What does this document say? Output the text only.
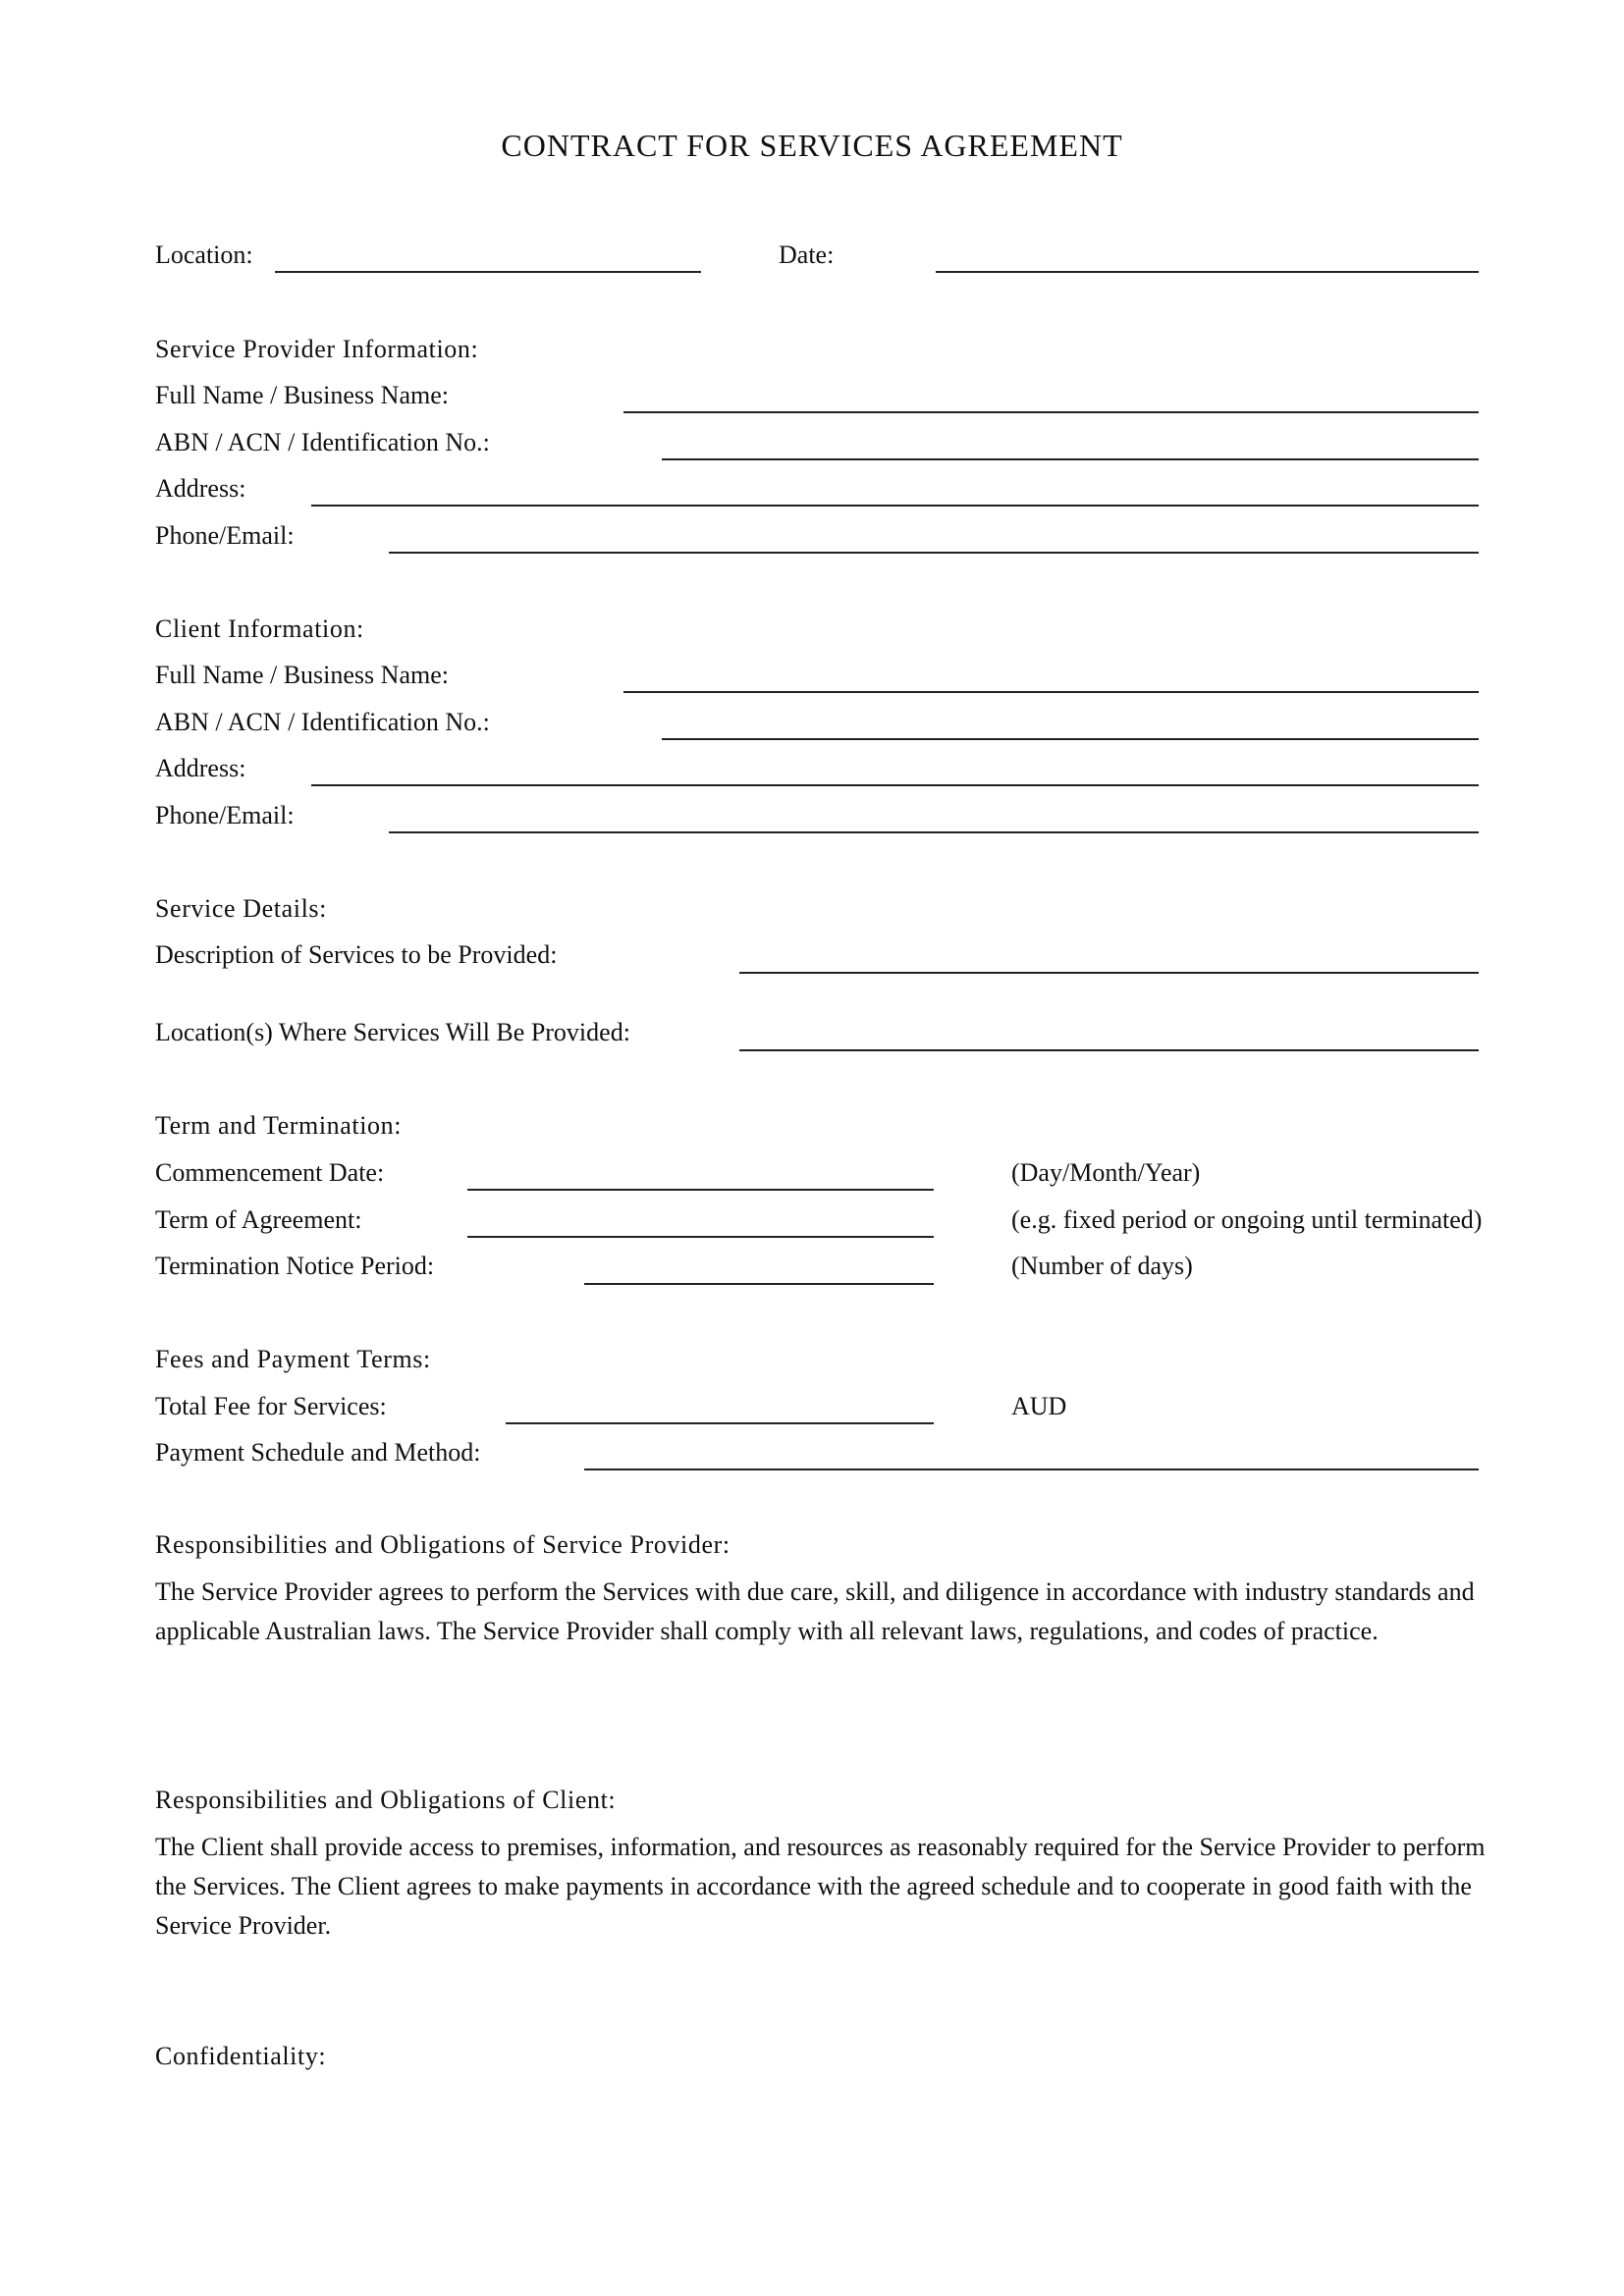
CONTRACT FOR SERVICES AGREEMENT
Location:	Date:
Service Provider Information:
Full Name / Business Name:
ABN / ACN / Identification No.:
Address:
Phone/Email:
Client Information:
Full Name / Business Name:
ABN / ACN / Identification No.:
Address:
Phone/Email:
Service Details:
Description of Services to be Provided:
Location(s) Where Services Will Be Provided:
Term and Termination:
Commencement Date:	(Day/Month/Year)
Term of Agreement:	(e.g. fixed period or ongoing until terminated)
Termination Notice Period:	(Number of days)
Fees and Payment Terms:
Total Fee for Services:	AUD
Payment Schedule and Method:
Responsibilities and Obligations of Service Provider:
The Service Provider agrees to perform the Services with due care, skill, and diligence in accordance with industry standards and applicable Australian laws. The Service Provider shall comply with all relevant laws, regulations, and codes of practice.
Responsibilities and Obligations of Client:
The Client shall provide access to premises, information, and resources as reasonably required for the Service Provider to perform the Services. The Client agrees to make payments in accordance with the agreed schedule and to cooperate in good faith with the Service Provider.
Confidentiality:
